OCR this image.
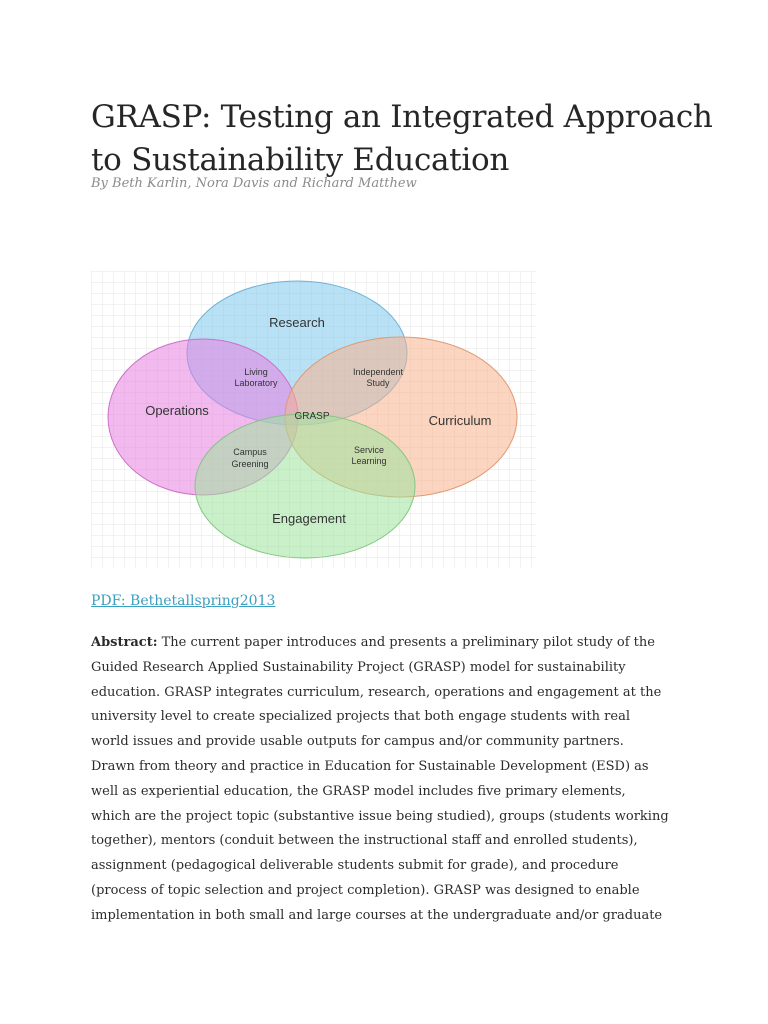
GRASP: Testing an Integrated Approach to Sustainability Education
By Beth Karlin, Nora Davis and Richard Matthew
Research
Operations
Curriculum
Engagement
Living
Laboratory
Independent
Study
Campus
Greening
Service
Learning
GRASP
PDF: Bethetallspring2013

Abstract: The current paper introduces and presents a preliminary pilot study of the
Guided Research Applied Sustainability Project (GRASP) model for sustainability
education. GRASP integrates curriculum, research, operations and engagement at the
university level to create specialized projects that both engage students with real
world issues and provide usable outputs for campus and/or community partners.
Drawn from theory and practice in Education for Sustainable Development (ESD) as
well as experiential education, the GRASP model includes five primary elements,
which are the project topic (substantive issue being studied), groups (students working
together), mentors (conduit between the instructional staff and enrolled students),
assignment (pedagogical deliverable students submit for grade), and procedure
(process of topic selection and project completion). GRASP was designed to enable
implementation in both small and large courses at the undergraduate and/or graduate
